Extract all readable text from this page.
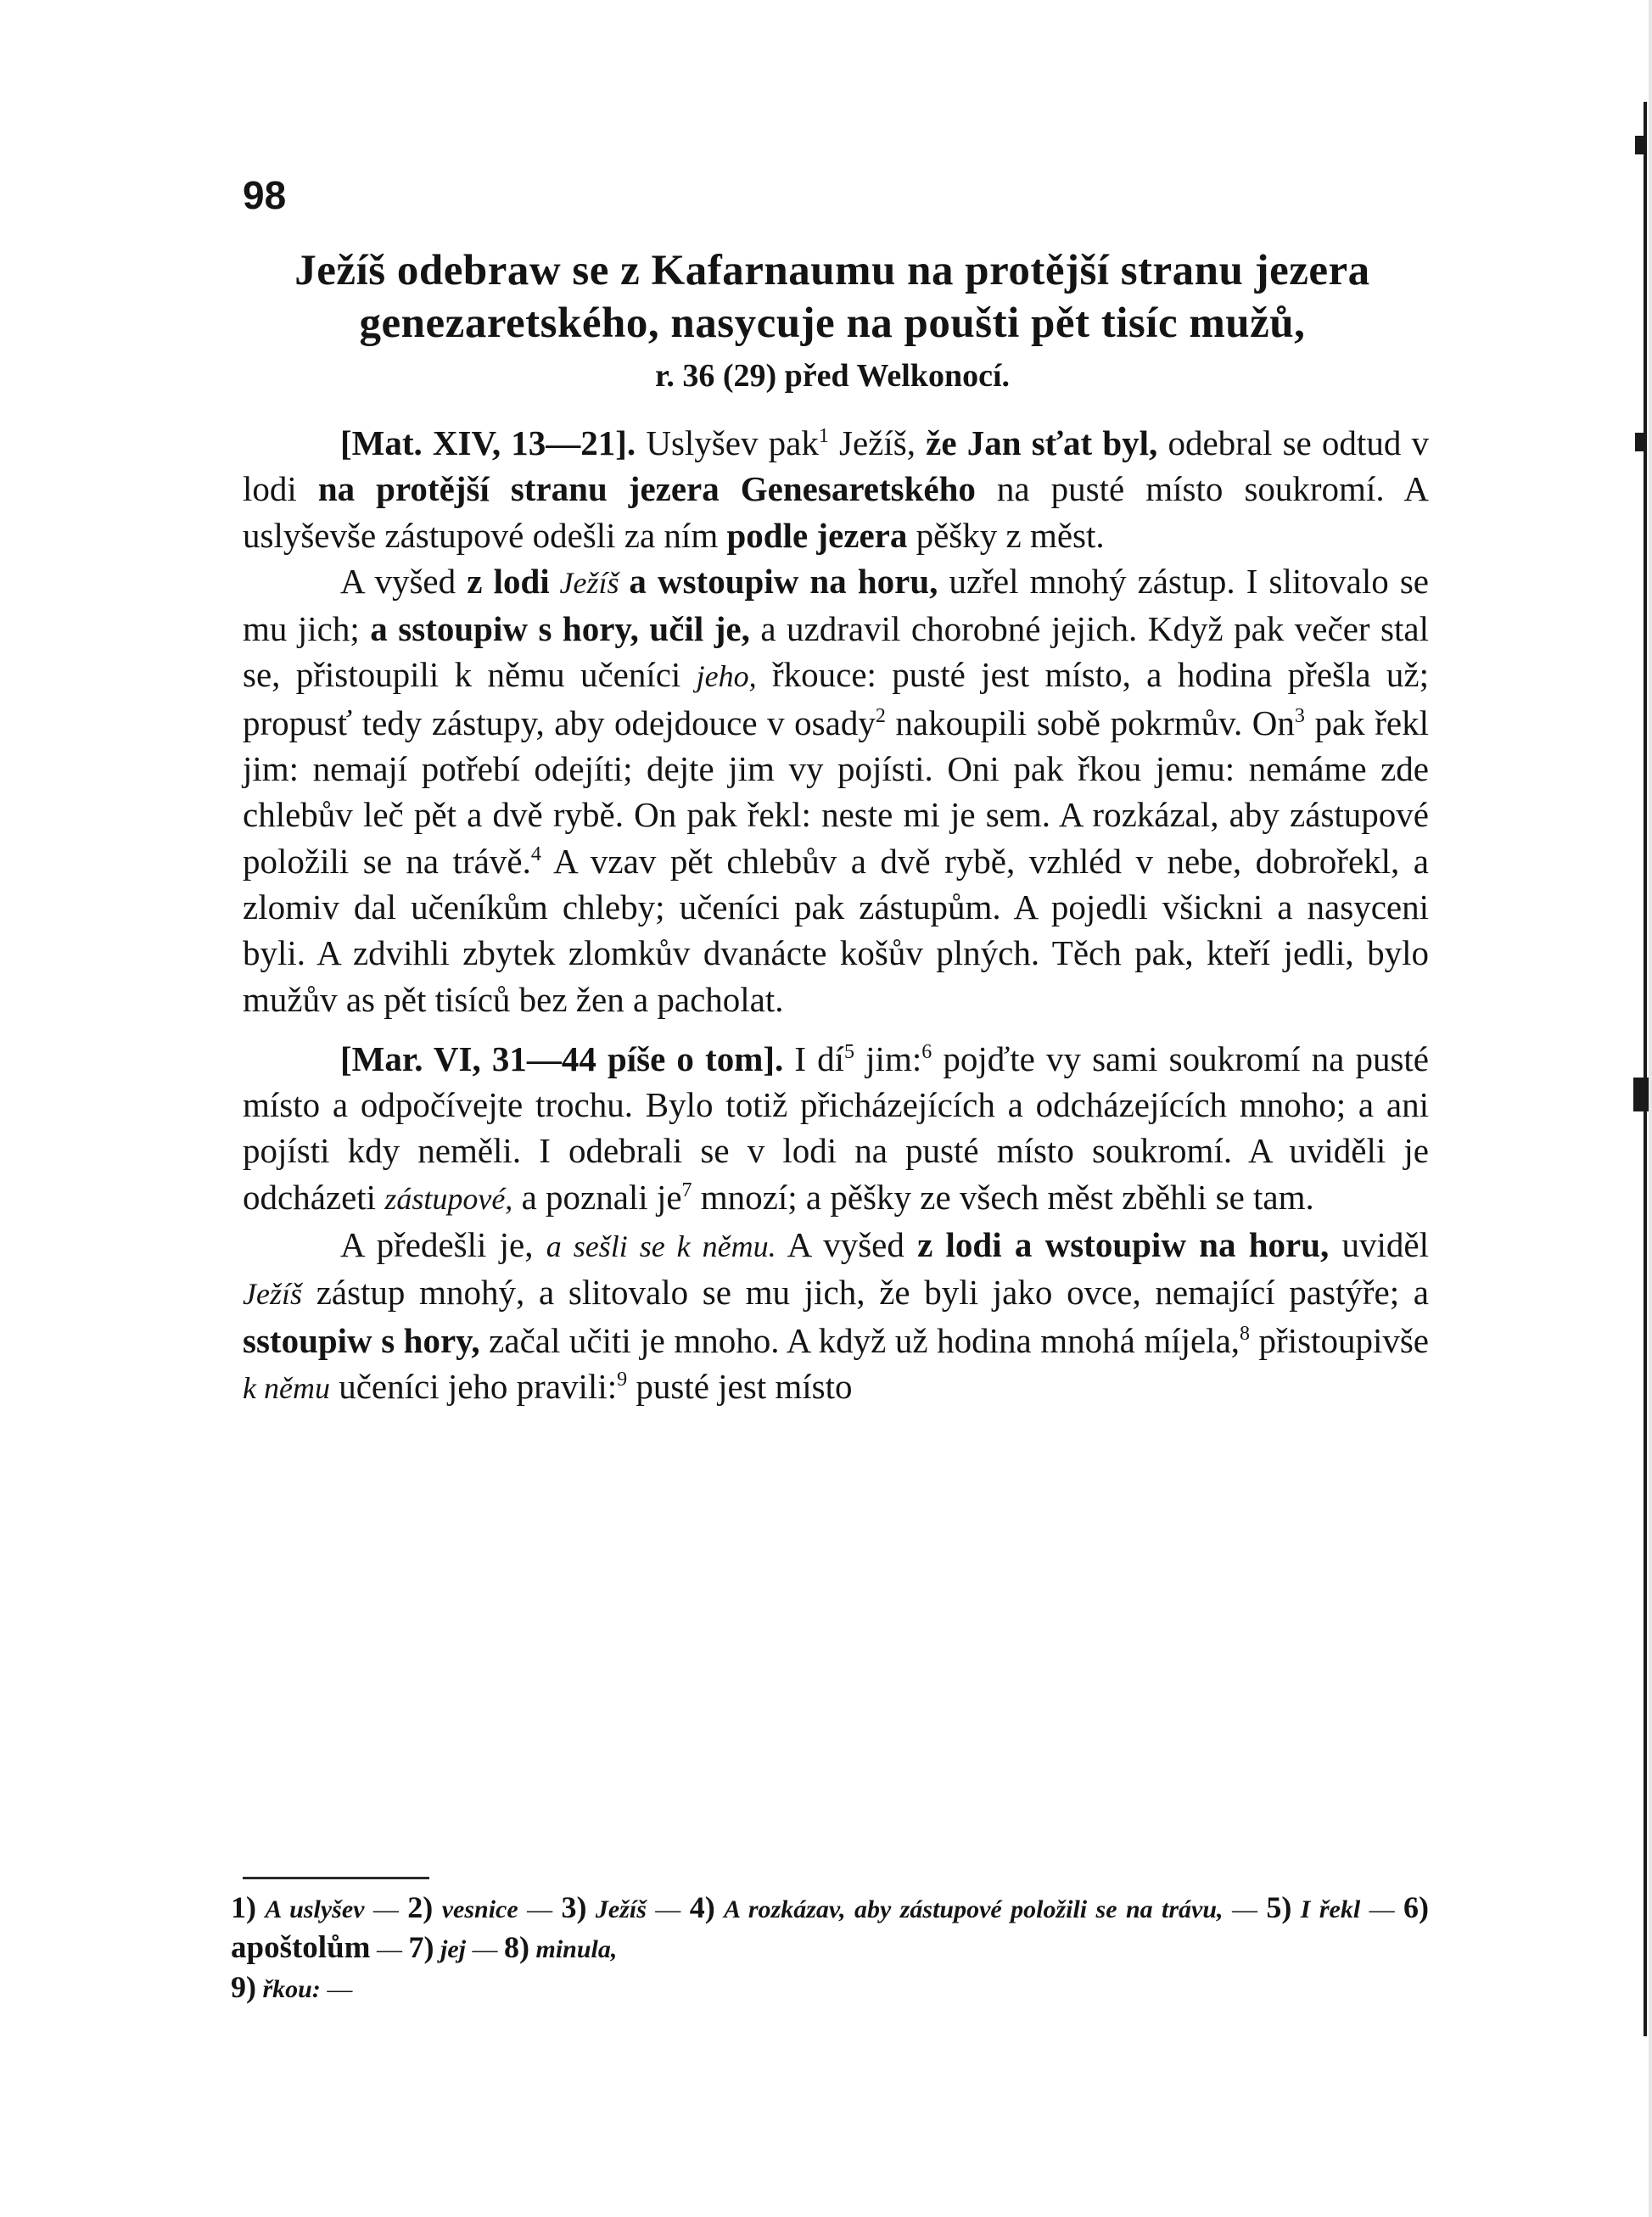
98
Ježíš odebraw se z Kafarnaumu na protější stranu jezera
genezaretského, nasycuje na poušti pět tisíc mužů,
r. 36 (29) před Welkonocí.

[Mat. XIV, 13—21]. Uslyšev pak$^1$ Ježíš, že Jan sťat byl, odebral se odtud v lodi na protější stranu jezera Genesaretského na pusté místo soukromí. A uslyševše zástupové odešli za ním podle jezera pěšky z měst.

A vyšed z lodi Ježíš a wstoupiw na horu, uzřel mnohý zástup. I slitovalo se mu jich; a sstoupiw s hory, učil je, a uzdravil chorobné jejich. Když pak večer stal se, přistoupili k němu učeníci jeho, řkouce: pusté jest místo, a hodina přešla už; propusť tedy zástupy, aby odejdouce v osady$^2$ nakoupili sobě pokrmův. On$^3$ pak řekl jim: nemají potřebí odejíti; dejte jim vy pojísti. Oni pak řkou jemu: nemáme zde chlebův leč pět a dvě rybě. On pak řekl: neste mi je sem. A rozkázal, aby zástupové položili se na trávě.$^4$ A vzav pět chlebův a dvě rybě, vzhléd v nebe, dobrořekl, a zlomiv dal učeníkům chleby; učeníci pak zástupům. A pojedli všickni a nasyceni byli. A zdvihli zbytek zlomkův dvanácte košův plných. Těch pak, kteří jedli, bylo mužův as pět tisíců bez žen a pacholat.

[Mar. VI, 31—44 píše o tom]. I $dí^5$ jim:$^6$ pojďte vy sami soukromí na pusté místo a odpočívejte trochu. Bylo totiž přicházejících a odcházejících mnoho; a ani pojísti kdy neměli. I odebrali se v lodi na pusté místo soukromí. A uviděli je odcházeti zástupové, a poznali $je^7$ mnozí; a pěšky ze všech měst zběhli se tam.

A předešli je, a sešli se k němu. A vyšed z lodi a wstoupiw na horu, uviděl Ježíš zástup mnohý, a slitovalo se mu jich, že byli jako ovce, nemající pastýře; a sstoupiw s hory, začal učiti je mnoho. A když už hodina mnohá míjela,$^8$ přistoupivše k němu učeníci jeho pravili:$^9$ pusté jest místo

1) A uslyšev — 2) vesnice — 3) Ježíš — 4) A rozkázav, aby zástupové položili se na trávu, — 5) I řekl — 6) apoštolům — 7) jej — 8) minula,
9) řkou: —
